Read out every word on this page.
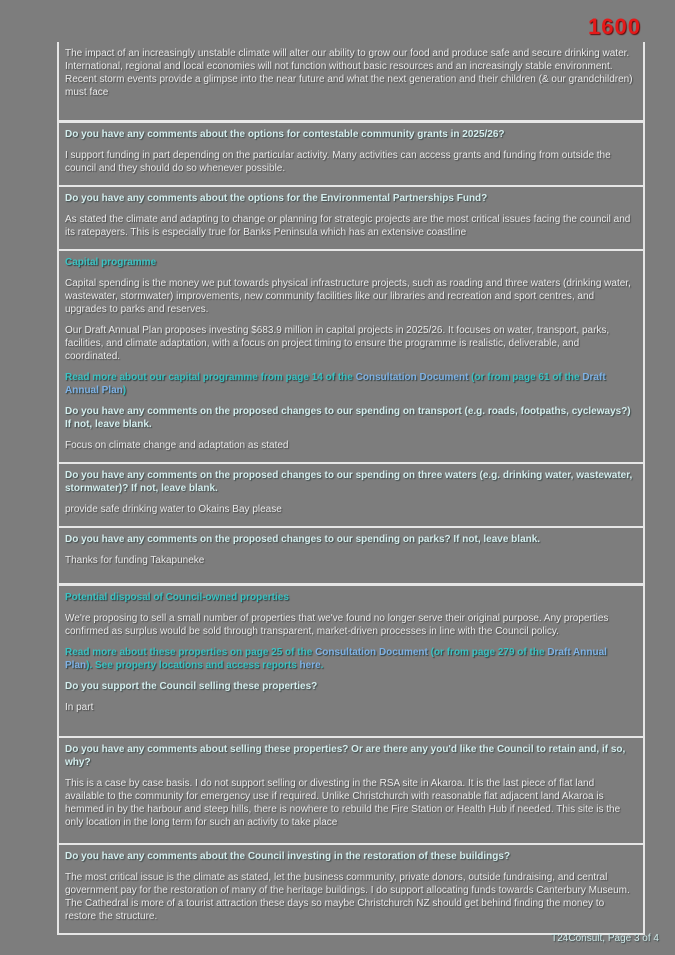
1600

The impact of an increasingly unstable climate will alter our ability to grow our food and produce safe and secure drinking water. International, regional and local economies will not function without basic resources and an increasingly stable environment. Recent storm events provide a glimpse into the near future and what the next generation and their children (& our grandchildren) must face

Do you have any comments about the options for contestable community grants in 2025/26?

I support funding in part depending on the particular activity. Many activities can access grants and funding from outside the council and they should do so whenever possible.

Do you have any comments about the options for the Environmental Partnerships Fund?

As stated the climate and adapting to change or planning for strategic projects are the most critical issues facing the council and its ratepayers. This is especially true for Banks Peninsula which has an extensive coastline

Capital programme

Capital spending is the money we put towards physical infrastructure projects, such as roading and three waters (drinking water, wastewater, stormwater) improvements, new community facilities like our libraries and recreation and sport centres, and upgrades to parks and reserves.

Our Draft Annual Plan proposes investing $683.9 million in capital projects in 2025/26. It focuses on water, transport, parks, facilities, and climate adaptation, with a focus on project timing to ensure the programme is realistic, deliverable, and coordinated.

Read more about our capital programme from page 14 of the Consultation Document (or from page 61 of the Draft Annual Plan)

Do you have any comments on the proposed changes to our spending on transport (e.g. roads, footpaths, cycleways?) If not, leave blank.

Focus on climate change and adaptation as stated

Do you have any comments on the proposed changes to our spending on three waters (e.g. drinking water, wastewater, stormwater)? If not, leave blank.

provide safe drinking water to Okains Bay please

Do you have any comments on the proposed changes to our spending on parks? If not, leave blank.

Thanks for funding Takapuneke

Potential disposal of Council-owned properties

We're proposing to sell a small number of properties that we've found no longer serve their original purpose. Any properties confirmed as surplus would be sold through transparent, market-driven processes in line with the Council policy.

Read more about these properties on page 25 of the Consultation Document (or from page 279 of the Draft Annual Plan). See property locations and access reports here.

Do you support the Council selling these properties?

In part

Do you have any comments about selling these properties? Or are there any you'd like the Council to retain and, if so, why?

This is a case by case basis. I do not support selling or divesting in the RSA site in Akaroa. It is the last piece of flat land available to the community for emergency use if required. Unlike Christchurch with reasonable flat adjacent land Akaroa is hemmed in by the harbour and steep hills, there is nowhere to rebuild the Fire Station or Health Hub if needed. This site is the only location in the long term for such an activity to take place

Do you have any comments about the Council investing in the restoration of these buildings?

The most critical issue is the climate as stated, let the business community, private donors, outside fundraising, and central government pay for the restoration of many of the heritage buildings. I do support allocating funds towards Canterbury Museum. The Cathedral is more of a tourist attraction these days so maybe Christchurch NZ should get behind finding the money to restore the structure.

T24Consult, Page 3 of 4
